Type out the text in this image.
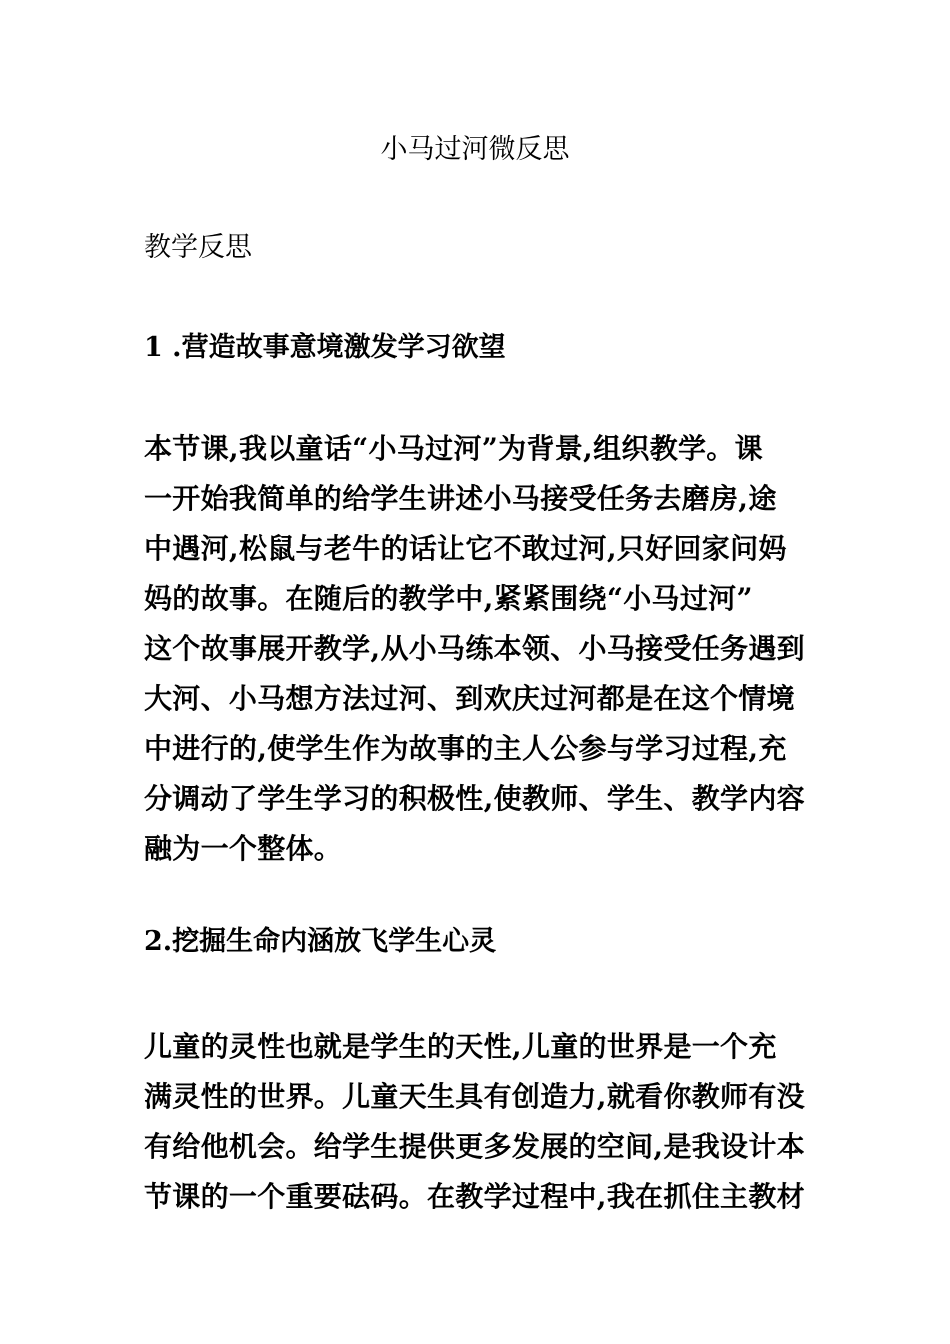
小马过河微反思
教学反思
1 .营造故事意境激发学习欲望
本节课,我以童话“小马过河”为背景,组织教学。课
一开始我简单的给学生讲述小马接受任务去磨房,途
中遇河,松鼠与老牛的话让它不敢过河,只好回家问妈
妈的故事。在随后的教学中,紧紧围绕“小马过河”
这个故事展开教学,从小马练本领、小马接受任务遇到
大河、小马想方法过河、到欢庆过河都是在这个情境
中进行的,使学生作为故事的主人公参与学习过程,充
分调动了学生学习的积极性,使教师、学生、教学内容
融为一个整体。
2.挖掘生命内涵放飞学生心灵
儿童的灵性也就是学生的天性,儿童的世界是一个充
满灵性的世界。儿童天生具有创造力,就看你教师有没
有给他机会。给学生提供更多发展的空间,是我设计本
节课的一个重要砝码。在教学过程中,我在抓住主教材
